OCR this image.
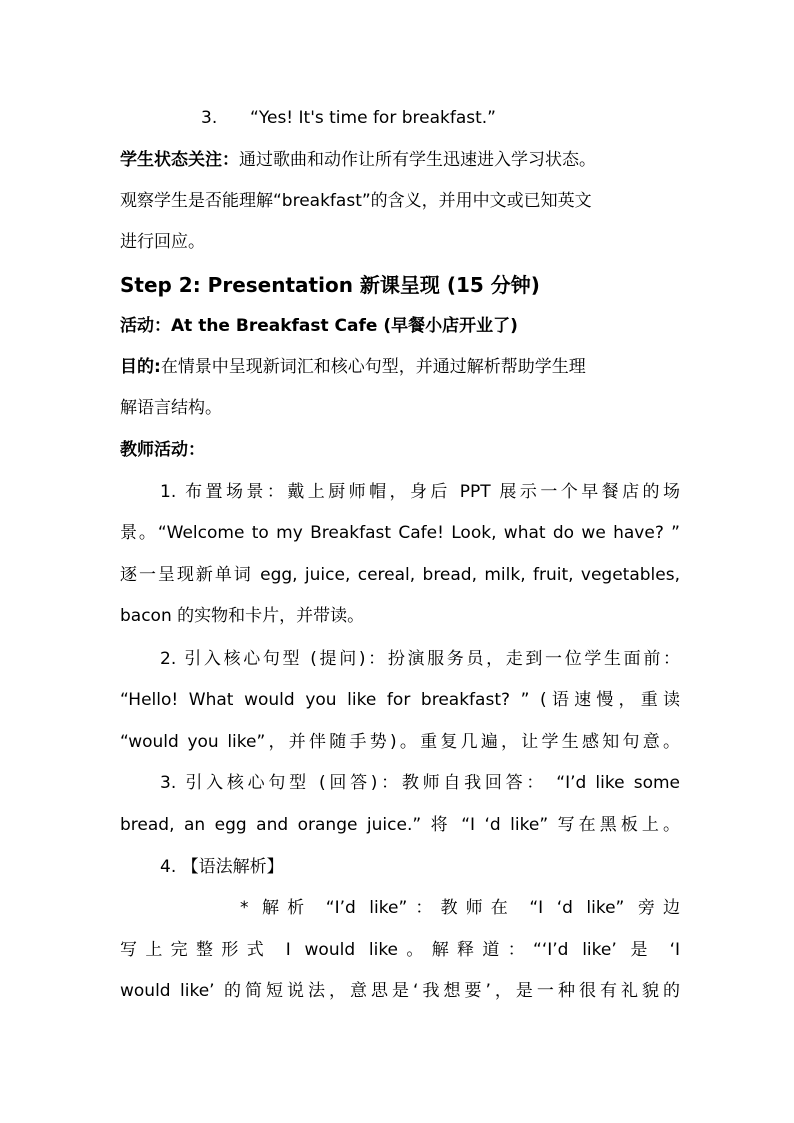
3. “Yes! It's time for breakfast.”
学生状态关注：通过歌曲和动作让所有学生迅速进入学习状态。
观察学生是否能理解“breakfast”的含义，并用中文或已知英文
进行回应。
Step 2: Presentation 新课呈现 (15 分钟)
活动：At the Breakfast Cafe (早餐小店开业了)
目的:在情景中呈现新词汇和核心句型，并通过解析帮助学生理
解语言结构。
教师活动：
1. 布置场景：戴上厨师帽，身后 PPT 展示一个早餐店的场
景。“Welcome to my Breakfast Cafe! Look, what do we have? ”
逐一呈现新单词 egg, juice, cereal, bread, milk, fruit, vegetables,
bacon 的实物和卡片，并带读。
2. 引入核心句型 (提问)：扮演服务员，走到一位学生面前：
“Hello! What would you like for breakfast? ” (语速慢，重读
“would you like”，并伴随手势)。重复几遍，让学生感知句意。
3. 引入核心句型 (回答)：教师自我回答： “I’d like some
bread, an egg and orange juice.” 将 “I ‘d like” 写在黑板上。
4. 【语法解析】
* 解析 “I’d like”：教师在 “I ‘d like” 旁边
写上完整形式 I would like。解释道：“‘I’d like’ 是 ‘I
would like’ 的简短说法，意思是‘我想要’，是一种很有礼貌的
